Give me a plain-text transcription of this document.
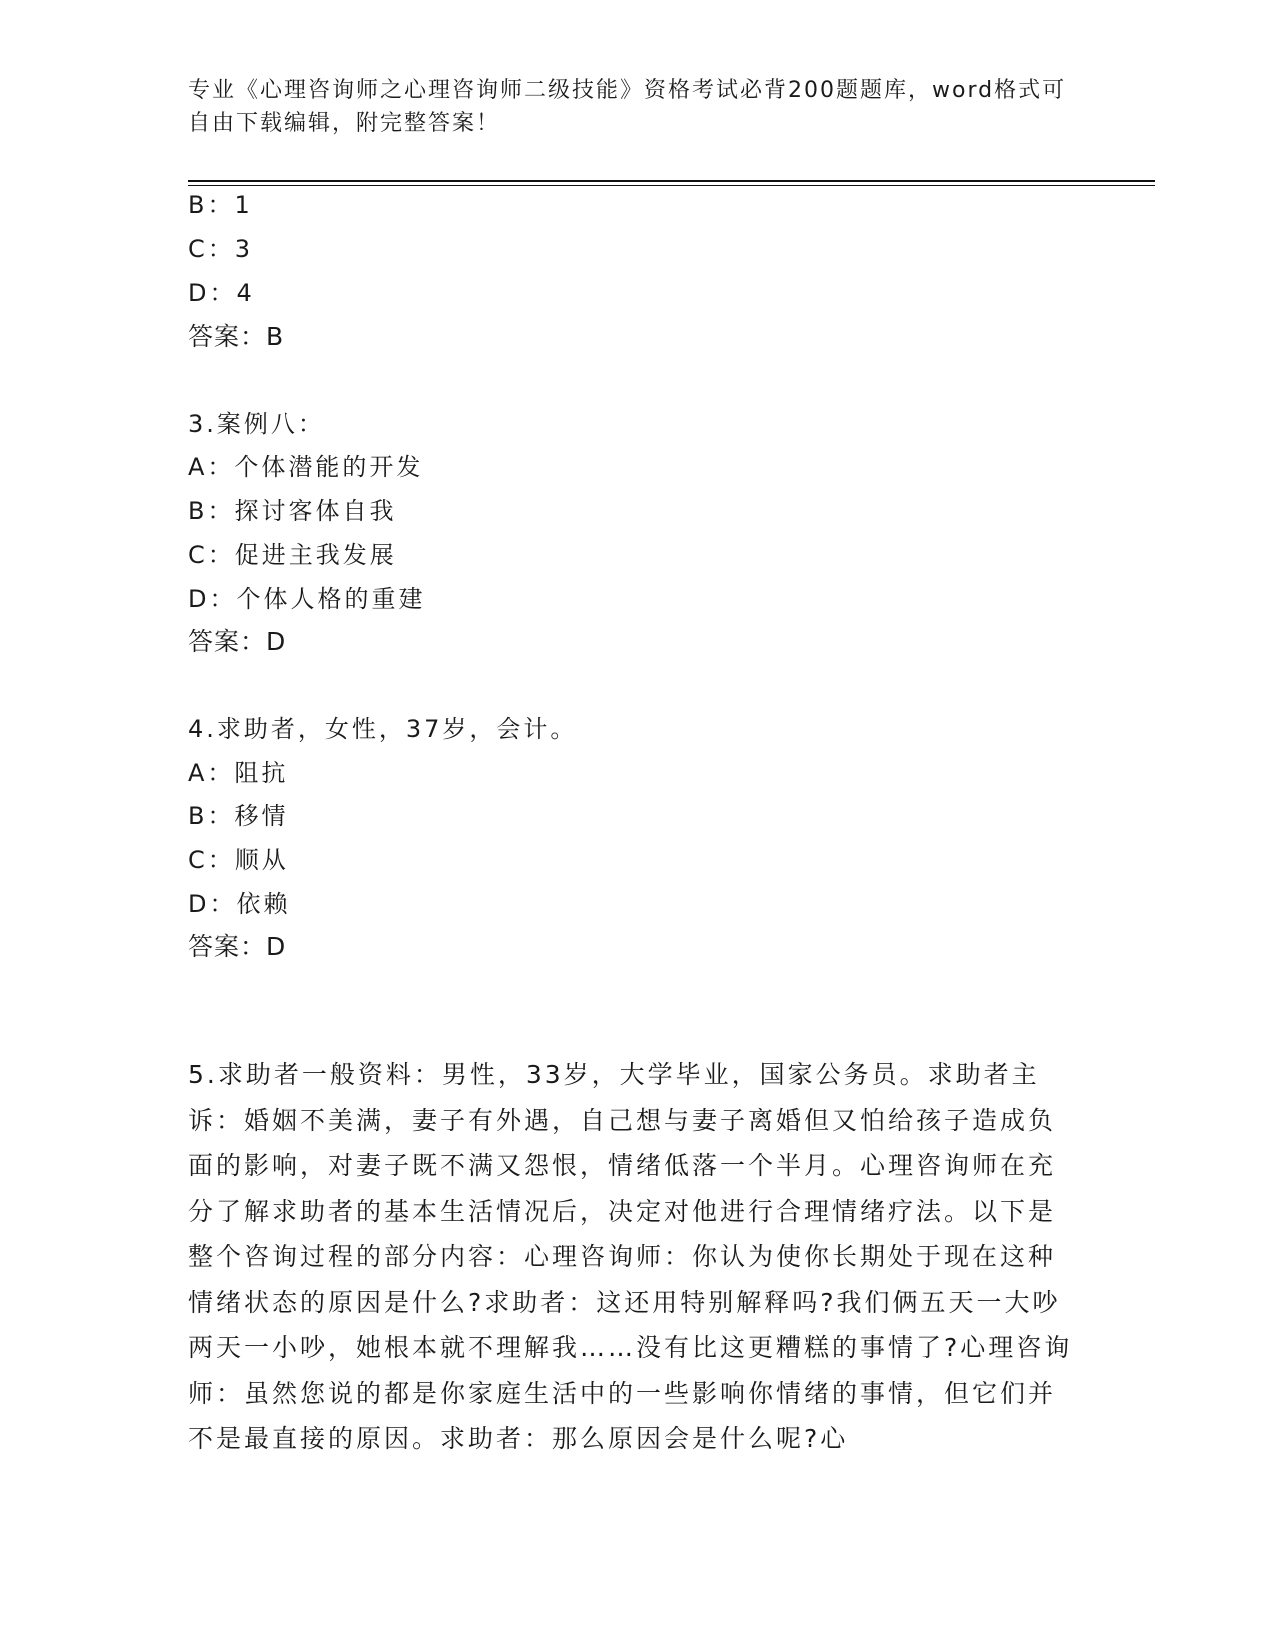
专业《心理咨询师之心理咨询师二级技能》资格考试必背200题题库，word格式可自由下载编辑，附完整答案！
B：1
C：3
D：4
答案：B
3.案例八：
A：个体潜能的开发
B：探讨客体自我
C：促进主我发展
D：个体人格的重建
答案：D
4.求助者，女性，37岁，会计。
A：阻抗
B：移情
C：顺从
D：依赖
答案：D
5.求助者一般资料：男性，33岁，大学毕业，国家公务员。求助者主诉：婚姻不美满，妻子有外遇，自己想与妻子离婚但又怕给孩子造成负面的影响，对妻子既不满又怨恨，情绪低落一个半月。心理咨询师在充分了解求助者的基本生活情况后，决定对他进行合理情绪疗法。以下是整个咨询过程的部分内容：心理咨询师：你认为使你长期处于现在这种情绪状态的原因是什么?求助者：这还用特别解释吗?我们俩五天一大吵两天一小吵，她根本就不理解我……没有比这更糟糕的事情了?心理咨询师：虽然您说的都是你家庭生活中的一些影响你情绪的事情，但它们并不是最直接的原因。求助者：那么原因会是什么呢?心
